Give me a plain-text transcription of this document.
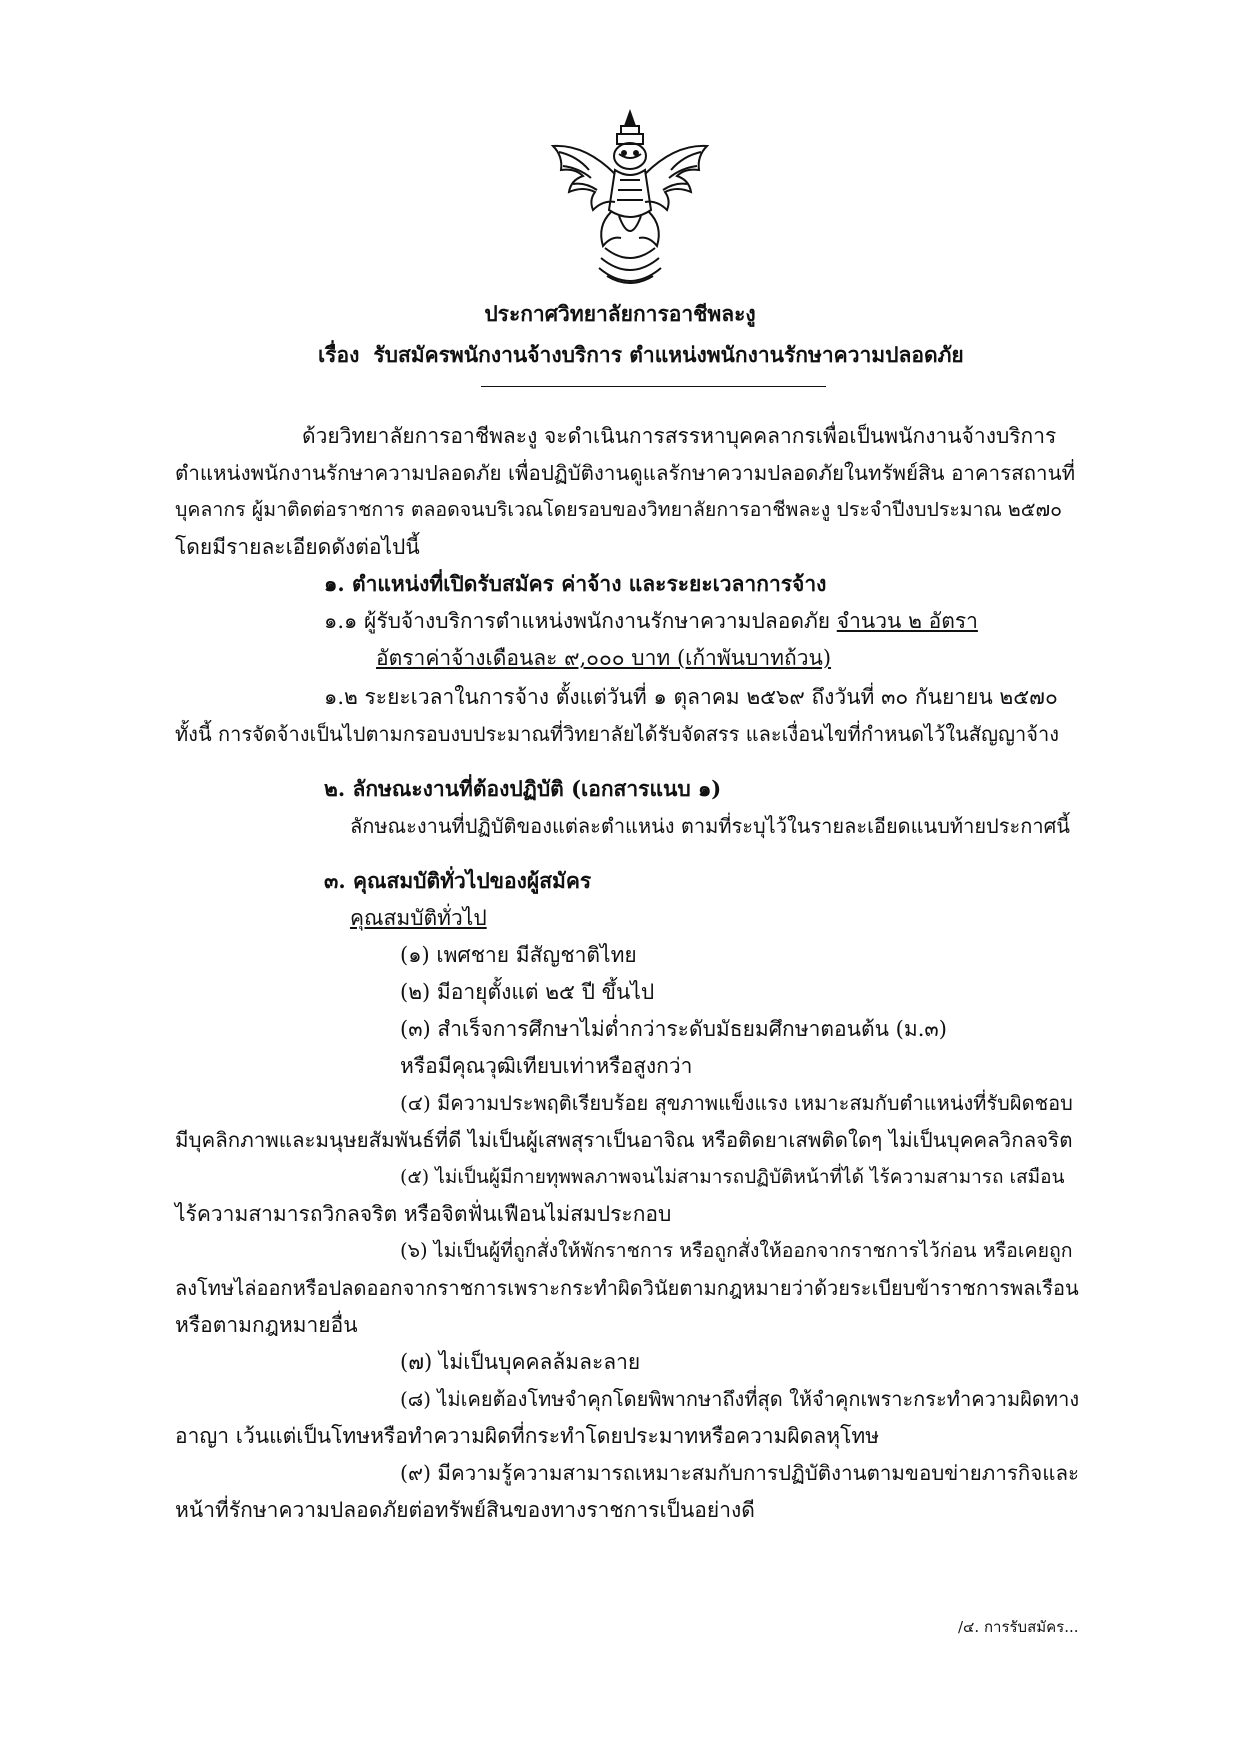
ประกาศวิทยาลัยการอาชีพละงู
เรื่อง รับสมัครพนักงานจ้างบริการ ตำแหน่งพนักงานรักษาความปลอดภัย
ด้วยวิทยาลัยการอาชีพละงู จะดำเนินการสรรหาบุคคลากรเพื่อเป็นพนักงานจ้างบริการ
ตำแหน่งพนักงานรักษาความปลอดภัย เพื่อปฏิบัติงานดูแลรักษาความปลอดภัยในทรัพย์สิน อาคารสถานที่
บุคลากร ผู้มาติดต่อราชการ ตลอดจนบริเวณโดยรอบของวิทยาลัยการอาชีพละงู ประจำปีงบประมาณ ๒๕๗๐
โดยมีรายละเอียดดังต่อไปนี้
๑. ตำแหน่งที่เปิดรับสมัคร ค่าจ้าง และระยะเวลาการจ้าง
๑.๑ ผู้รับจ้างบริการตำแหน่งพนักงานรักษาความปลอดภัย จำนวน ๒ อัตรา
อัตราค่าจ้างเดือนละ ๙,๐๐๐ บาท (เก้าพันบาทถ้วน)
๑.๒ ระยะเวลาในการจ้าง ตั้งแต่วันที่ ๑ ตุลาคม ๒๕๖๙ ถึงวันที่ ๓๐ กันยายน ๒๕๗๐
ทั้งนี้ การจัดจ้างเป็นไปตามกรอบงบประมาณที่วิทยาลัยได้รับจัดสรร และเงื่อนไขที่กำหนดไว้ในสัญญาจ้าง
๒. ลักษณะงานที่ต้องปฏิบัติ (เอกสารแนบ ๑)
ลักษณะงานที่ปฏิบัติของแต่ละตำแหน่ง ตามที่ระบุไว้ในรายละเอียดแนบท้ายประกาศนี้
๓. คุณสมบัติทั่วไปของผู้สมัคร
คุณสมบัติทั่วไป
(๑) เพศชาย มีสัญชาติไทย
(๒) มีอายุตั้งแต่ ๒๕ ปี ขึ้นไป
(๓) สำเร็จการศึกษาไม่ต่ำกว่าระดับมัธยมศึกษาตอนต้น (ม.๓)
หรือมีคุณวุฒิเทียบเท่าหรือสูงกว่า
(๔) มีความประพฤติเรียบร้อย สุขภาพแข็งแรง เหมาะสมกับตำแหน่งที่รับผิดชอบ
มีบุคลิกภาพและมนุษยสัมพันธ์ที่ดี ไม่เป็นผู้เสพสุราเป็นอาจิณ หรือติดยาเสพติดใดๆ ไม่เป็นบุคคลวิกลจริต
(๕) ไม่เป็นผู้มีกายทุพพลภาพจนไม่สามารถปฏิบัติหน้าที่ได้ ไร้ความสามารถ เสมือน
ไร้ความสามารถวิกลจริต หรือจิตฟั่นเฟือนไม่สมประกอบ
(๖) ไม่เป็นผู้ที่ถูกสั่งให้พักราชการ หรือถูกสั่งให้ออกจากราชการไว้ก่อน หรือเคยถูก
ลงโทษไล่ออกหรือปลดออกจากราชการเพราะกระทำผิดวินัยตามกฎหมายว่าด้วยระเบียบข้าราชการพลเรือน
หรือตามกฎหมายอื่น
(๗) ไม่เป็นบุคคลล้มละลาย
(๘) ไม่เคยต้องโทษจำคุกโดยพิพากษาถึงที่สุด ให้จำคุกเพราะกระทำความผิดทาง
อาญา เว้นแต่เป็นโทษหรือทำความผิดที่กระทำโดยประมาทหรือความผิดลหุโทษ
(๙) มีความรู้ความสามารถเหมาะสมกับการปฏิบัติงานตามขอบข่ายภารกิจและ
หน้าที่รักษาความปลอดภัยต่อทรัพย์สินของทางราชการเป็นอย่างดี
/๔. การรับสมัคร...
